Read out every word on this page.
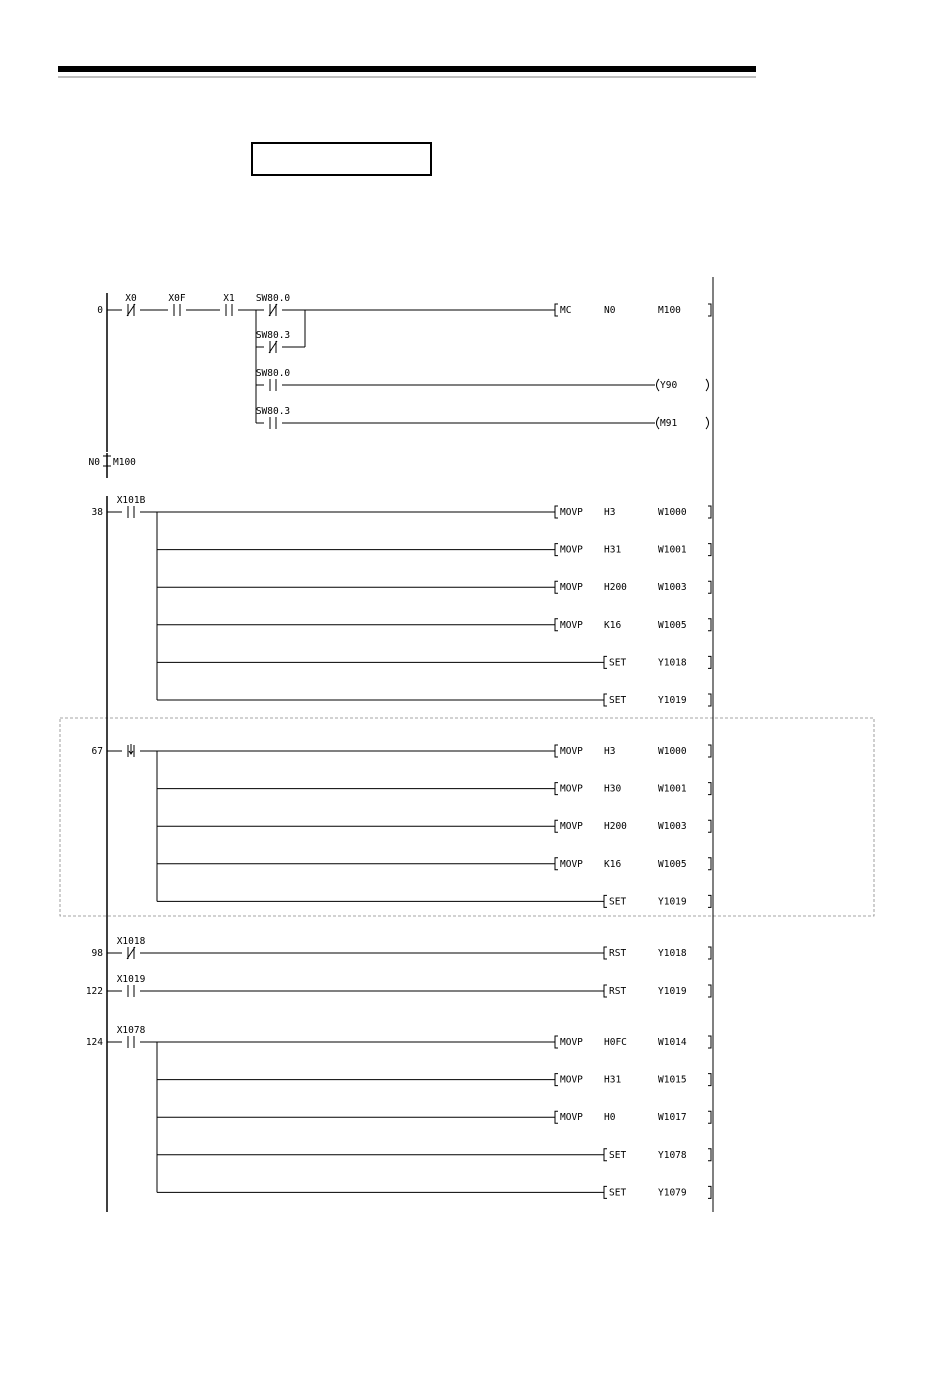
N0 M100
0
X0	X0F	X1 SW80.0
MC	N0	M100
SW80.3
SW80.0
Y90
SW80.3
M91
38
X101B
MOVP H3	W1000
MOVP H31	W1001
MOVP H200	W1003
MOVP K16	W1005
SET	Y1018
SET	Y1019
67	MOVP H3	W1000
MOVP H30	W1001
MOVP H200	W1003
MOVP K16	W1005
SET	Y1019
98
X1018
RST	Y1018
122
X1019
RST	Y1019
124
X1078
MOVP H0FC	W1014
MOVP H31	W1015
MOVP H0	W1017
SET	Y1078
SET	Y1079
